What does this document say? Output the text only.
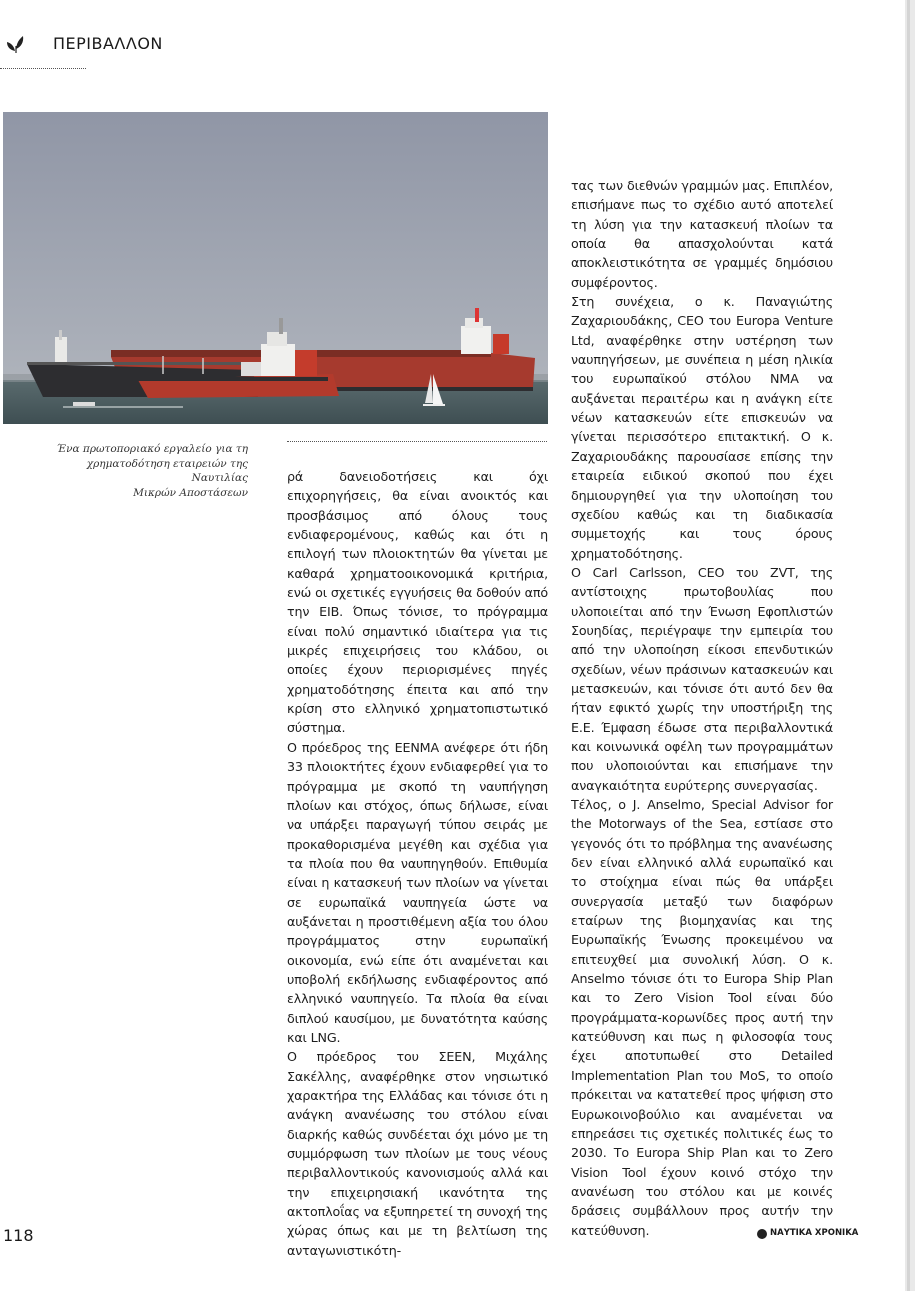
ΠΕΡΙΒΑΛΛΟΝ
Ένα πρωτοποριακό εργαλείο για τη
χρηματοδότηση εταιρειών της Ναυτιλίας
Μικρών Αποστάσεων

ρά δανειοδοτήσεις και όχι επιχορηγήσεις, θα είναι ανοικτός και προσβάσιμος από όλους τους ενδιαφερομένους, καθώς και ότι η επιλογή των πλοιοκτητών θα γίνεται με καθαρά χρηματοοικονομικά κριτήρια, ενώ οι σχετικές εγγυήσεις θα δοθούν από την EIB. Όπως τόνισε, το πρόγραμμα είναι πολύ σημαντικό ιδιαίτερα για τις μικρές επιχειρήσεις του κλάδου, οι οποίες έχουν περιορισμένες πηγές χρηματοδότησης έπειτα και από την κρίση στο ελληνικό χρηματοπιστωτικό σύστημα.

Ο πρόεδρος της ΕΕΝΜΑ ανέφερε ότι ήδη 33 πλοιοκτήτες έχουν ενδιαφερθεί για το πρόγραμμα με σκοπό τη ναυπήγηση πλοίων και στόχος, όπως δήλωσε, είναι να υπάρξει παραγωγή τύπου σειράς με προκαθορισμένα μεγέθη και σχέδια για τα πλοία που θα ναυπηγηθούν. Επιθυμία είναι η κατασκευή των πλοίων να γίνεται σε ευρωπαϊκά ναυπηγεία ώστε να αυξάνεται η προστιθέμενη αξία του όλου προγράμματος στην ευρωπαϊκή οικονομία, ενώ είπε ότι αναμένεται και υποβολή εκδήλωσης ενδιαφέροντος από ελληνικό ναυπηγείο. Τα πλοία θα είναι διπλού καυσίμου, με δυνατότητα καύσης και LNG.

Ο πρόεδρος του ΣΕΕΝ, Μιχάλης Σακέλλης, αναφέρθηκε στον νησιωτικό χαρακτήρα της Ελλάδας και τόνισε ότι η ανάγκη ανανέωσης του στόλου είναι διαρκής καθώς συνδέεται όχι μόνο με τη συμμόρφωση των πλοίων με τους νέους περιβαλλοντικούς κανονισμούς αλλά και την επιχειρησιακή ικανότητα της ακτοπλοΐας να εξυπηρετεί τη συνοχή της χώρας όπως και με τη βελτίωση της ανταγωνιστικότη-

τας των διεθνών γραμμών μας. Επιπλέον, επισήμανε πως το σχέδιο αυτό αποτελεί τη λύση για την κατασκευή πλοίων τα οποία θα απασχολούνται κατά αποκλειστικότητα σε γραμμές δημόσιου συμφέροντος.

Στη συνέχεια, ο κ. Παναγιώτης Ζαχαριουδάκης, CEO του Europa Venture Ltd, αναφέρθηκε στην υστέρηση των ναυπηγήσεων, με συνέπεια η μέση ηλικία του ευρωπαϊκού στόλου ΝΜΑ να αυξάνεται περαιτέρω και η ανάγκη είτε νέων κατασκευών είτε επισκευών να γίνεται περισσότερο επιτακτική. Ο κ. Ζαχαριουδάκης παρουσίασε επίσης την εταιρεία ειδικού σκοπού που έχει δημιουργηθεί για την υλοποίηση του σχεδίου καθώς και τη διαδικασία συμμετοχής και τους όρους χρηματοδότησης.

Ο Carl Carlsson, CEO του ZVT, της αντίστοιχης πρωτοβουλίας που υλοποιείται από την Ένωση Εφοπλιστών Σουηδίας, περιέγραψε την εμπειρία του από την υλοποίηση είκοσι επενδυτικών σχεδίων, νέων πράσινων κατασκευών και μετασκευών, και τόνισε ότι αυτό δεν θα ήταν εφικτό χωρίς την υποστήριξη της Ε.Ε. Έμφαση έδωσε στα περιβαλλοντικά και κοινωνικά οφέλη των προγραμμάτων που υλοποιούνται και επισήμανε την αναγκαιότητα ευρύτερης συνεργασίας.

Τέλος, ο J. Anselmo, Special Advisor for the Motorways of the Sea, εστίασε στο γεγονός ότι το πρόβλημα της ανανέωσης δεν είναι ελληνικό αλλά ευρωπαϊκό και το στοίχημα είναι πώς θα υπάρξει συνεργασία μεταξύ των διαφόρων εταίρων της βιομηχανίας και της Ευρωπαϊκής Ένωσης προκειμένου να επιτευχθεί μια συνολική λύση. Ο κ. Anselmo τόνισε ότι το Europa Ship Plan και το Zero Vision Tool είναι δύο προγράμματα-κορωνίδες προς αυτή την κατεύθυνση και πως η φιλοσοφία τους έχει αποτυπωθεί στο Detailed Implementation Plan του MoS, το οποίο πρόκειται να κατατεθεί προς ψήφιση στο Ευρωκοινοβούλιο και αναμένεται να επηρεάσει τις σχετικές πολιτικές έως το 2030. Το Europa Ship Plan και το Zero Vision Tool έχουν κοινό στόχο την ανανέωση του στόλου και με κοινές δράσεις συμβάλλουν προς αυτήν την κατεύθυνση.

118	ΝΑΥΤΙΚΑ ΧΡΟΝΙΚΑ
